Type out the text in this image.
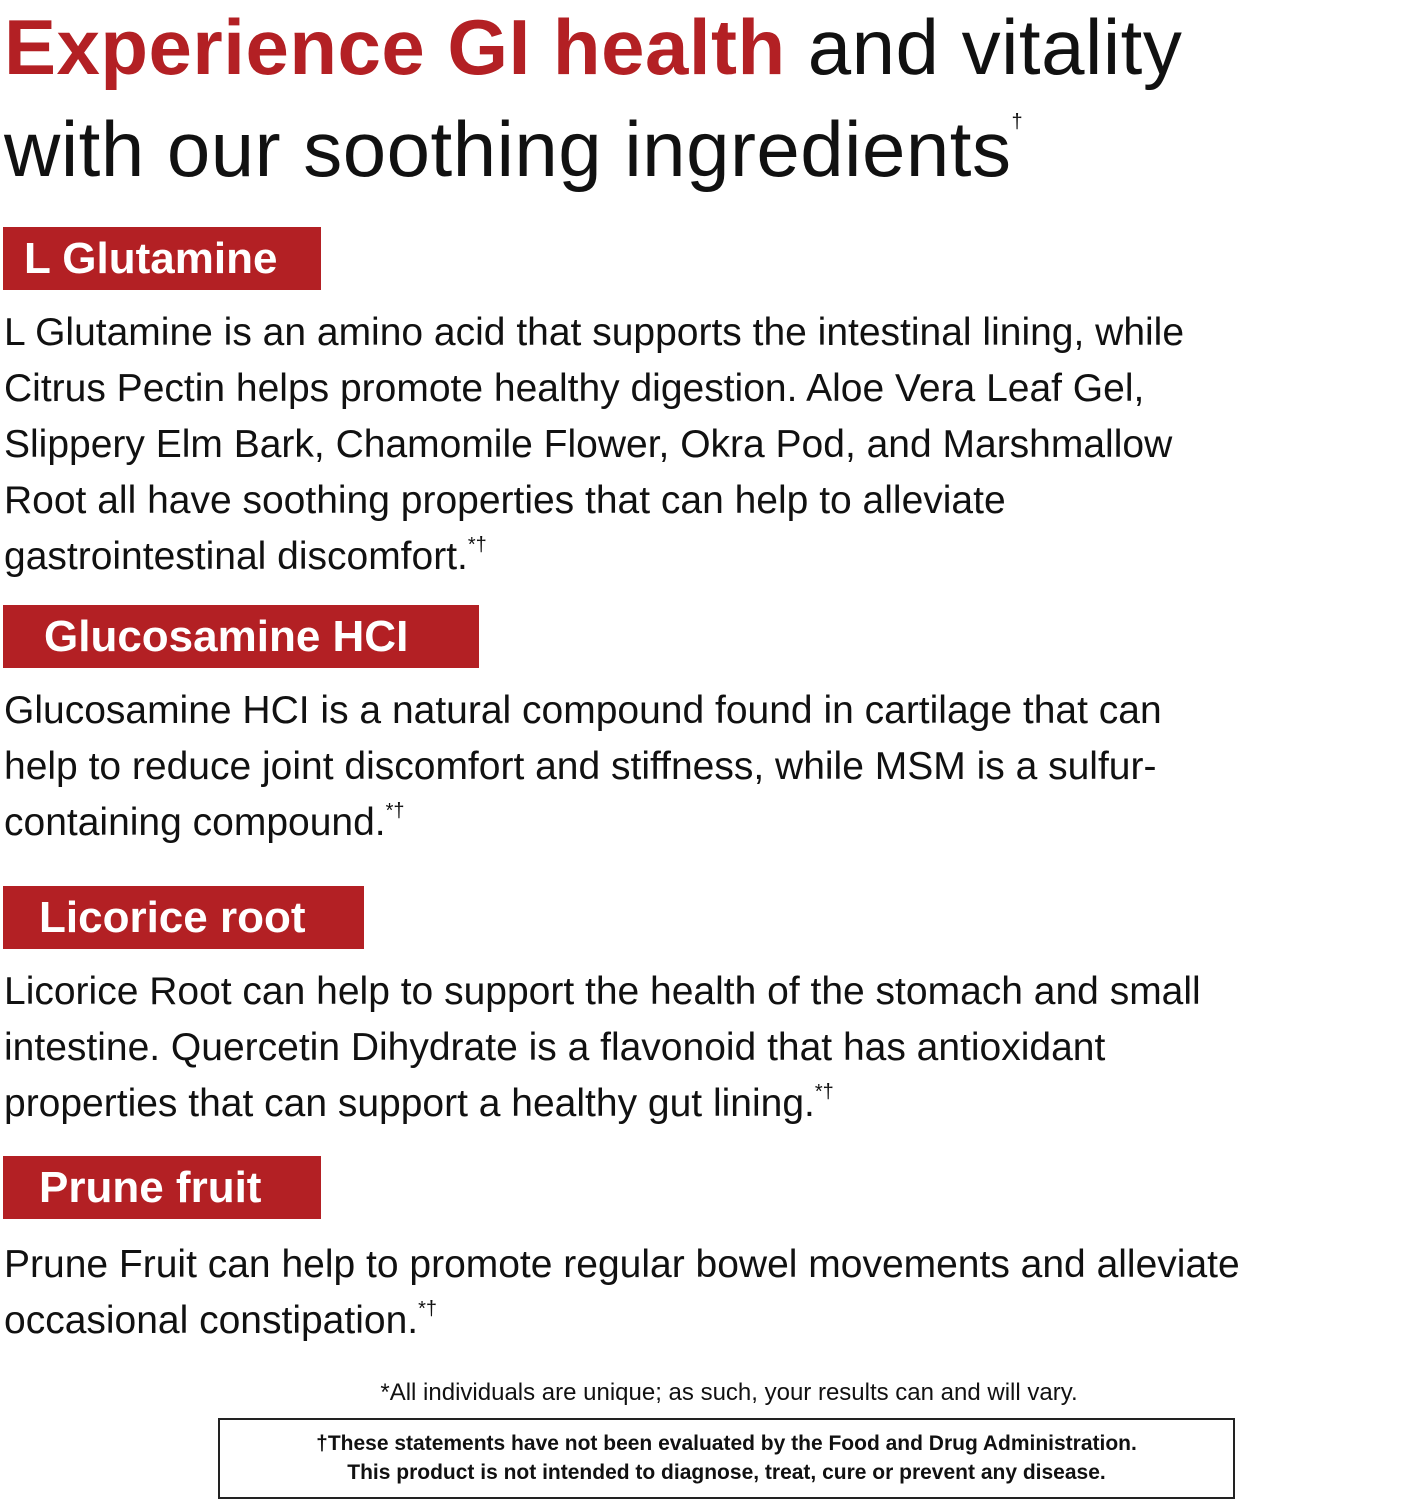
Experience GI health and vitality
with our soothing ingredients†
L Glutamine

L Glutamine is an amino acid that supports the intestinal lining, while
Citrus Pectin helps promote healthy digestion. Aloe Vera Leaf Gel,
Slippery Elm Bark, Chamomile Flower, Okra Pod, and Marshmallow
Root all have soothing properties that can help to alleviate
gastrointestinal discomfort.*†

Glucosamine HCI

Glucosamine HCI is a natural compound found in cartilage that can
help to reduce joint discomfort and stiffness, while MSM is a sulfur-
containing compound.*†

Licorice root

Licorice Root can help to support the health of the stomach and small
intestine. Quercetin Dihydrate is a flavonoid that has antioxidant
properties that can support a healthy gut lining.*†

Prune fruit

Prune Fruit can help to promote regular bowel movements and alleviate
occasional constipation.*†

*All individuals are unique; as such, your results can and will vary.

†These statements have not been evaluated by the Food and Drug Administration.
This product is not intended to diagnose, treat, cure or prevent any disease.
